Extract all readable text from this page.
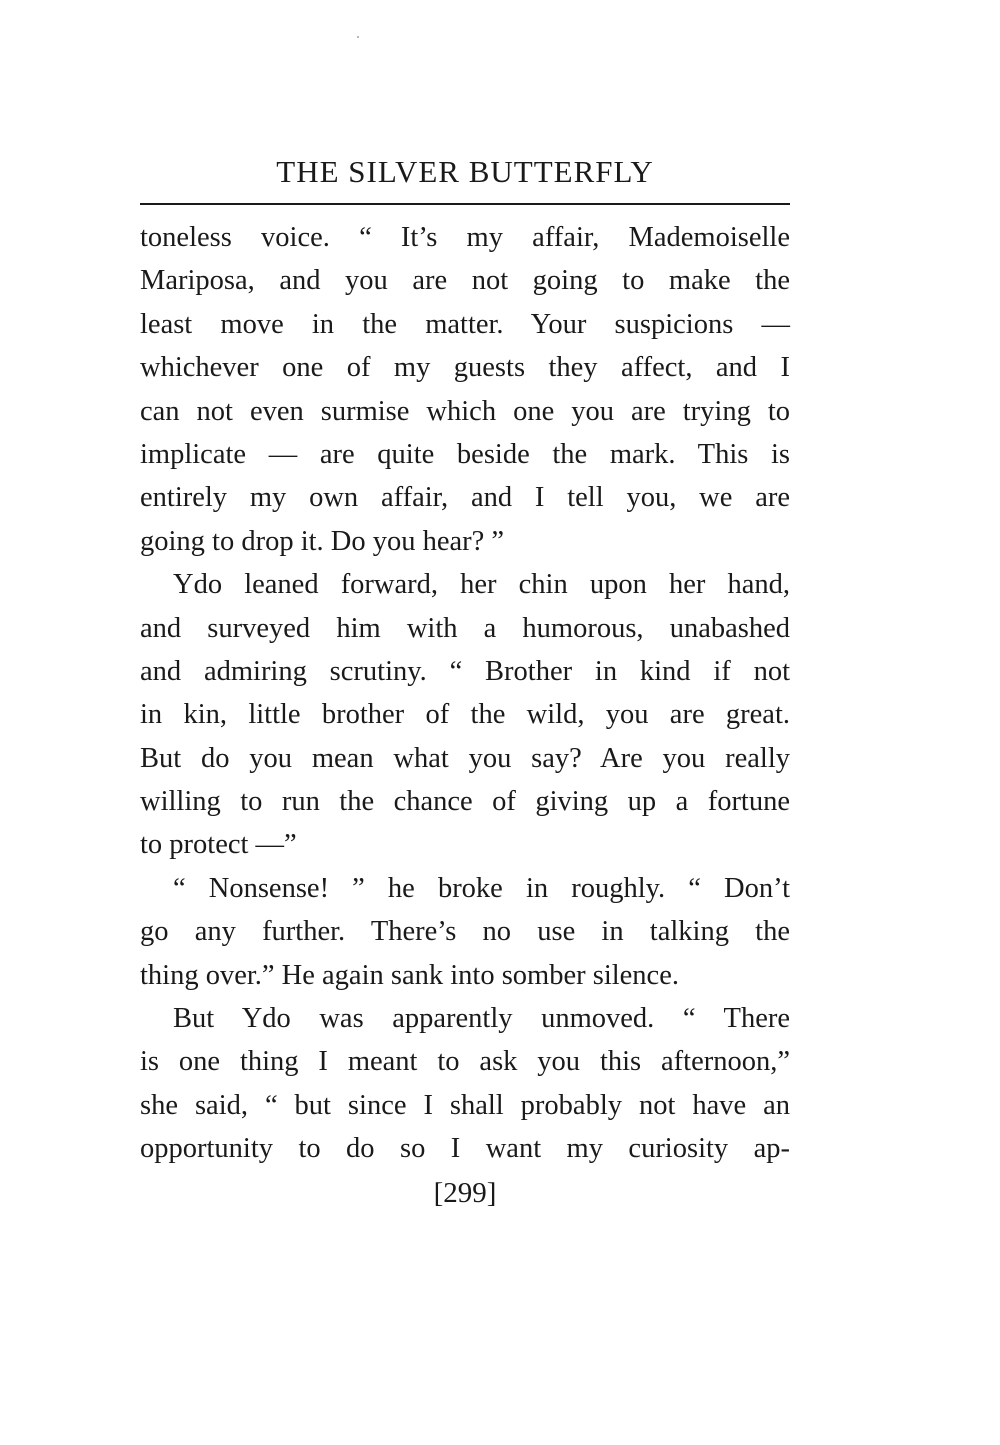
THE SILVER BUTTERFLY
toneless voice. “ It’s my affair, Mademoiselle
Mariposa, and you are not going to make the
least move in the matter. Your suspicions —
whichever one of my guests they affect, and I
can not even surmise which one you are trying to
implicate — are quite beside the mark. This is
entirely my own affair, and I tell you, we are
going to drop it. Do you hear? ”
Ydo leaned forward, her chin upon her hand,
and surveyed him with a humorous, unabashed
and admiring scrutiny. “ Brother in kind if not
in kin, little brother of the wild, you are great.
But do you mean what you say? Are you really
willing to run the chance of giving up a fortune
to protect —”
“ Nonsense! ” he broke in roughly. “ Don’t
go any further. There’s no use in talking the
thing over.” He again sank into somber silence.
But Ydo was apparently unmoved. “ There
is one thing I meant to ask you this afternoon,”
she said, “ but since I shall probably not have an
opportunity to do so I want my curiosity ap-
[299]
